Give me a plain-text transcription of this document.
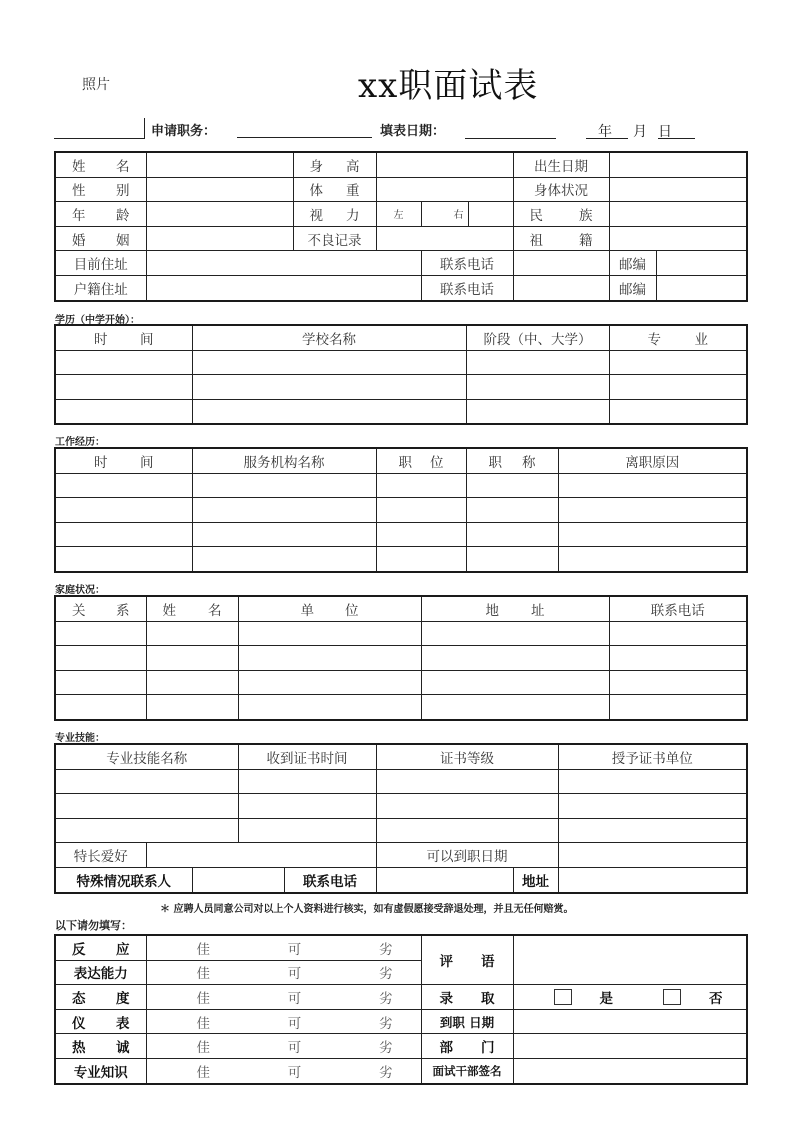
照片	xx职面试表
申请职务：	填表日期：	年 月 日
姓 名		身 高				出生日期		

性 别		体 重				身体状况		

年 龄		视 力	左	右		民 族		

婚 姻		不良记录				祖 籍		

目前住址				联系电话			邮编	
户籍住址				联系电话			邮编	
学历（中学开始）：
时 间	学校名称	阶段（中、大学）	专 业

工作经历：
时 间	服务机构名称	职 位	职 称	离职原因

家庭状况：
关 系	姓 名	单 位	地 址	联系电话

专业技能：
专业技能名称			收到证书时间		证书等级		授予证书单位

特长爱好					可以到职日期		
特殊情况联系人				联系电话		地址	
＊ 应聘人员同意公司对以上个人资料进行核实，如有虚假愿接受辞退处理，并且无任何赔赏。
以下请勿填写：
反 应	佳 可 劣	评 语	

表达能力	佳 可 劣		

态 度	佳 可 劣	录 取	是 否

仪 表	佳 可 劣	到职 日期	

热 诚	佳 可 劣	部 门	

专业知识	佳 可 劣	面试干部签名	
